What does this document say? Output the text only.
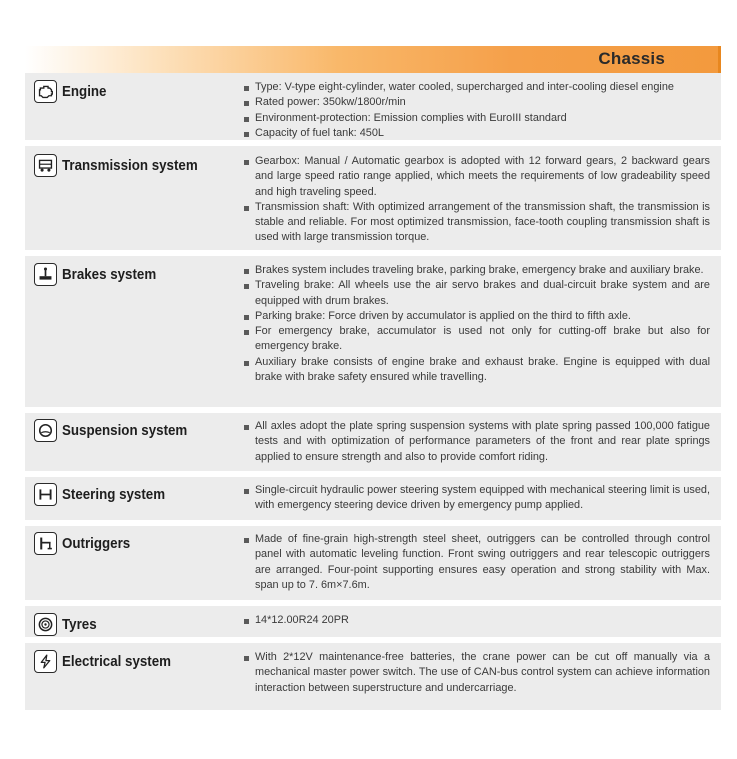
Chassis
Engine	Type: V-type eight-cylinder, water cooled, supercharged and inter-cooling diesel engine
Rated power: 350kw/1800r/min
Environment-protection: Emission complies with EuroIII standard
Capacity of fuel tank: 450L
Transmission system	Gearbox: Manual / Automatic gearbox is adopted with 12 forward gears, 2 backward gears and large speed ratio range applied, which meets the requirements of low gradeability speed and high traveling speed.
Transmission shaft: With optimized arrangement of the transmission shaft, the transmission is stable and reliable. For most optimized transmission, face-tooth coupling transmission shaft is used with large transmission torque.
Brakes system	Brakes system includes traveling brake, parking brake, emergency brake and auxiliary brake.
Traveling brake: All wheels use the air servo brakes and dual-circuit brake system and are equipped with drum brakes.
Parking brake: Force driven by accumulator is applied on the third to fifth axle.
For emergency brake, accumulator is used not only for cutting-off brake but also for emergency brake.
Auxiliary brake consists of engine brake and exhaust brake. Engine is equipped with dual brake with brake safety ensured while travelling.
Suspension system	All axles adopt the plate spring suspension systems with plate spring passed 100,000 fatigue tests and with optimization of performance parameters of the front and rear plate springs applied to ensure strength and also to provide comfort riding.
Steering system	Single-circuit hydraulic power steering system equipped with mechanical steering limit is used, with emergency steering device driven by emergency pump applied.
Outriggers	Made of fine-grain high-strength steel sheet, outriggers can be controlled through control panel with automatic leveling function. Front swing outriggers and rear telescopic outriggers are arranged. Four-point supporting ensures easy operation and strong stability with Max. span up to 7. 6m×7.6m.
Tyres	14*12.00R24 20PR
Electrical system	With 2*12V maintenance-free batteries, the crane power can be cut off manually via a mechanical master power switch. The use of CAN-bus control system can achieve information interaction between superstructure and undercarriage.
